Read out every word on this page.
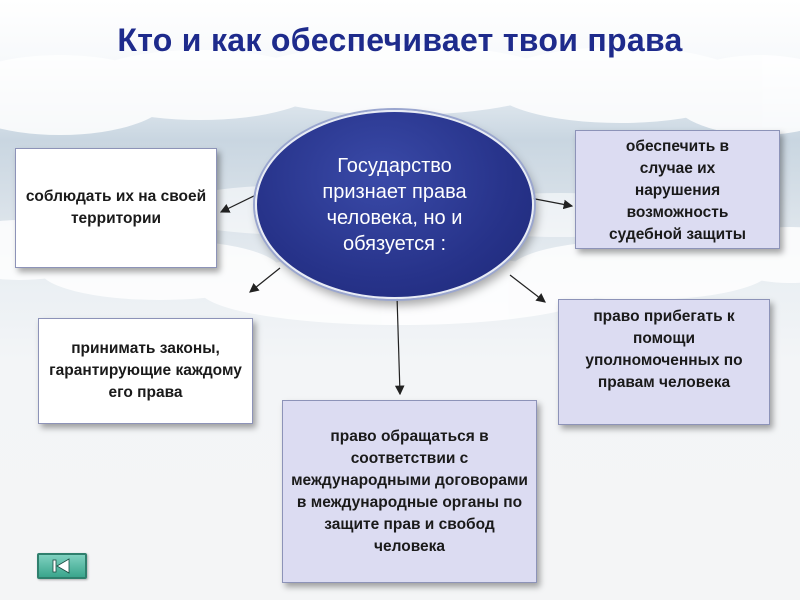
Кто и как обеспечивает твои права
Государство признает права человека, но и обязуется :
соблюдать их на своей территории
принимать законы, гарантирующие каждому его права
обеспечить в случае их нарушения возможность судебной защиты
право прибегать к помощи уполномоченных по правам человека
право обращаться в соответствии с международными договорами в международные органы по защите прав и свобод человека
